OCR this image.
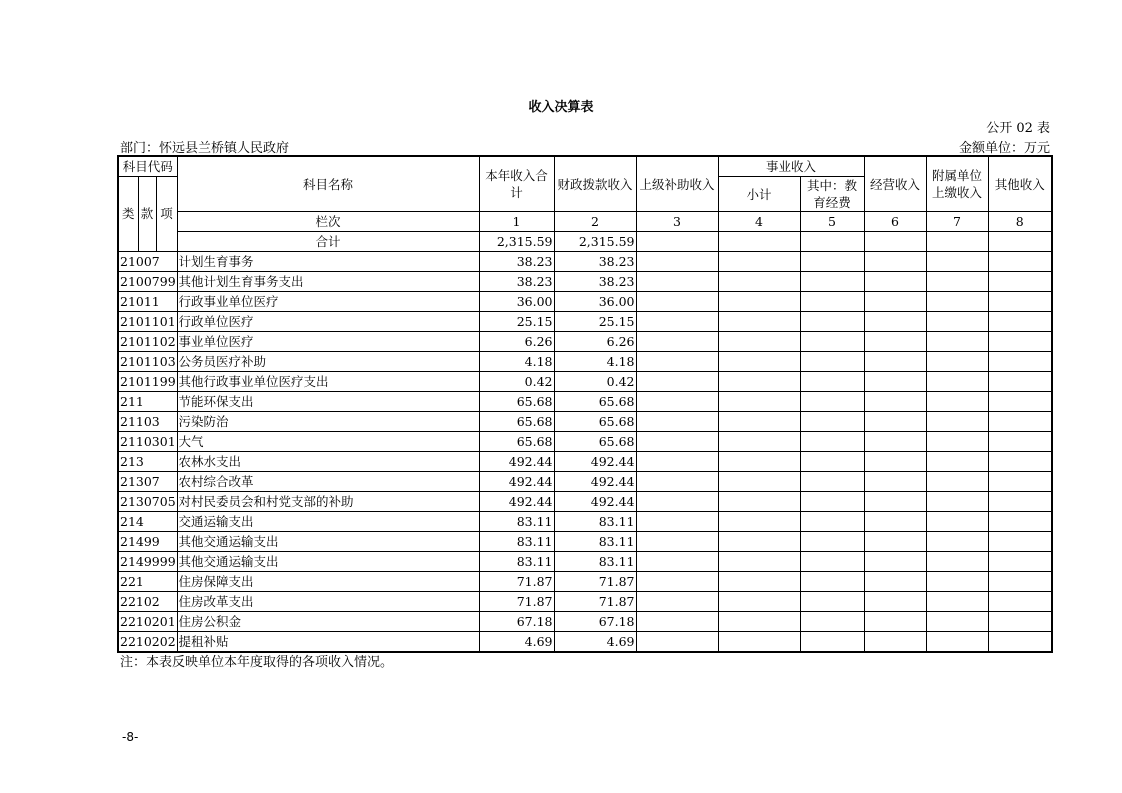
收入决算表
公开 02 表
部门：怀远县兰桥镇人民政府	金额单位：万元
科目代码			科目名称	本年收入合计	财政拨款收入	上级补助收入	事业收入		经营收入	附属单位上缴收入	其他收入
							小计	其中：教育经费			
类	款	项									
			栏次	1	2	3	4	5	6	7	8
			合计	2,315.59	2,315.59						
21007			计划生育事务	38.23	38.23						
2100799			其他计划生育事务支出	38.23	38.23						
21011			行政事业单位医疗	36.00	36.00						
2101101			行政单位医疗	25.15	25.15						
2101102			事业单位医疗	6.26	6.26						
2101103			公务员医疗补助	4.18	4.18						
2101199			其他行政事业单位医疗支出	0.42	0.42						
211			节能环保支出	65.68	65.68						
21103			污染防治	65.68	65.68						
2110301			大气	65.68	65.68						
213			农林水支出	492.44	492.44						
21307			农村综合改革	492.44	492.44						
2130705			对村民委员会和村党支部的补助	492.44	492.44						
214			交通运输支出	83.11	83.11						
21499			其他交通运输支出	83.11	83.11						
2149999			其他交通运输支出	83.11	83.11						
221			住房保障支出	71.87	71.87						
22102			住房改革支出	71.87	71.87						
2210201			住房公积金	67.18	67.18						
2210202			提租补贴	4.69	4.69						
注：本表反映单位本年度取得的各项收入情况。
-8-
